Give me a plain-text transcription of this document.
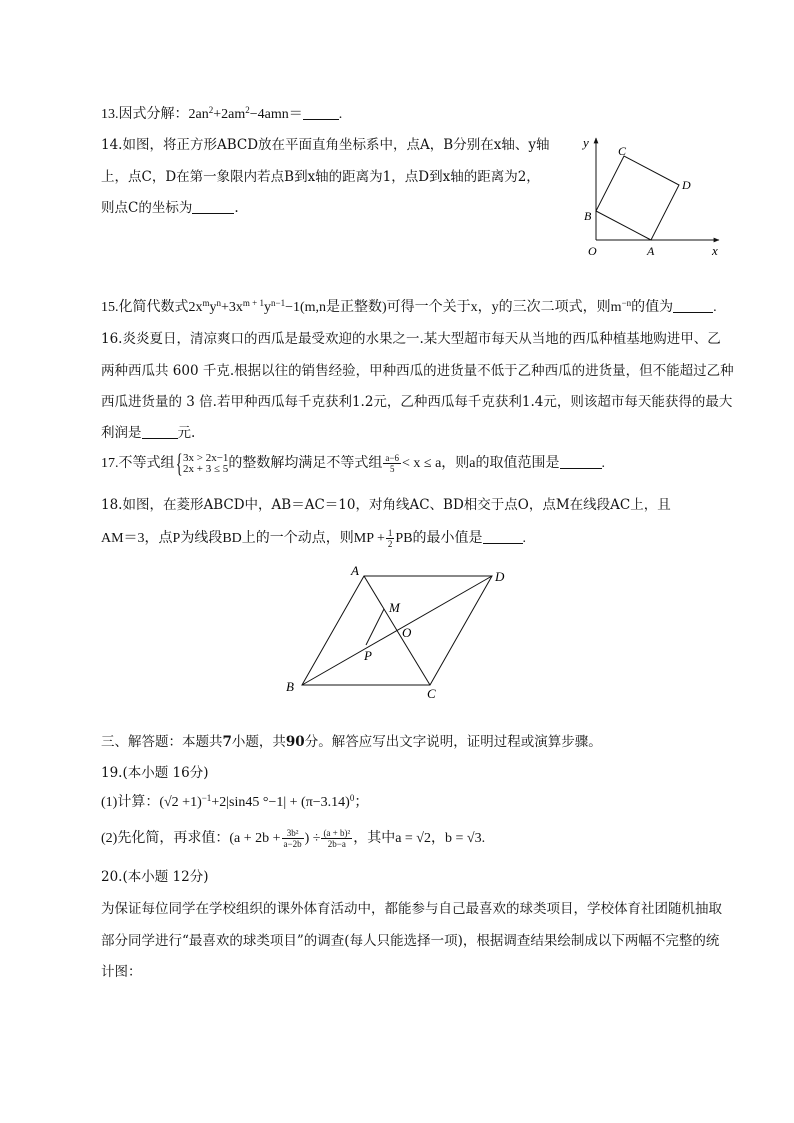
13.因式分解：$2an^2+2am^2-4amn=$	.
14.如图，将正方形ABCD放在平面直角坐标系中，点A，B分别在x轴、y轴
上，点C，D在第一象限内若点B到x轴的距离为1，点D到x轴的距离为2，
则点C的坐标为	.
y
x
O	A
B
C
D
15.化简代数式$2x^my^n+3x^{m + 1}y^{n-1}-1(m,n$是正整数)可得一个关于x，y的三次二项式，则$m^{-n}$的值为	.
16.炎炎夏日，清凉爽口的西瓜是最受欢迎的水果之一.某大型超市每天从当地的西瓜种植基地购进甲、乙
两种西瓜共 600 千克.根据以往的销售经验，甲种西瓜的进货量不低于乙种西瓜的进货量，但不能超过乙种
西瓜进货量的 3 倍.若甲种西瓜每千克获利1.2元，乙种西瓜每千克获利1.4元，则该超市每天能获得的最大
利润是	元.
17.不等式组{ 3x > 2x−1
2x + 3 ≤ 5 的整数解均满足不等式组 $\frac{a-6}{5} < x \le a$，则a的取值范围是	.
18.如图，在菱形ABCD中，AB＝AC＝10，对角线AC、BD相交于点O，点M在线段AC上，且
AM＝3，点P为线段BD上的一个动点，则MP + $\frac{1}{2}$ PB的最小值是	.
A	D
B	C
M
O
P
三、解答题：本题共7小题，共90分。解答应写出文字说明，证明过程或演算步骤。
19.(本小题 16分)
(1)计算：$(√2 +1)^{-1}+2|\sin 45$ $^\circ-1| + (\pi-3.14)^0$；
(2)先化简，再求值：($a + 2b + \frac{\text{3b²}}{a-2b}$ ) ÷ $\frac{\text{(a + b)²}}{2b-a}$ ，其中a = √2，b = √3.
20.(本小题 12分)
为保证每位同学在学校组织的课外体育活动中，都能参与自己最喜欢的球类项目，学校体育社团随机抽取
部分同学进行“最喜欢的球类项目”的调查(每人只能选择一项)，根据调查结果绘制成以下两幅不完整的统
计图：
